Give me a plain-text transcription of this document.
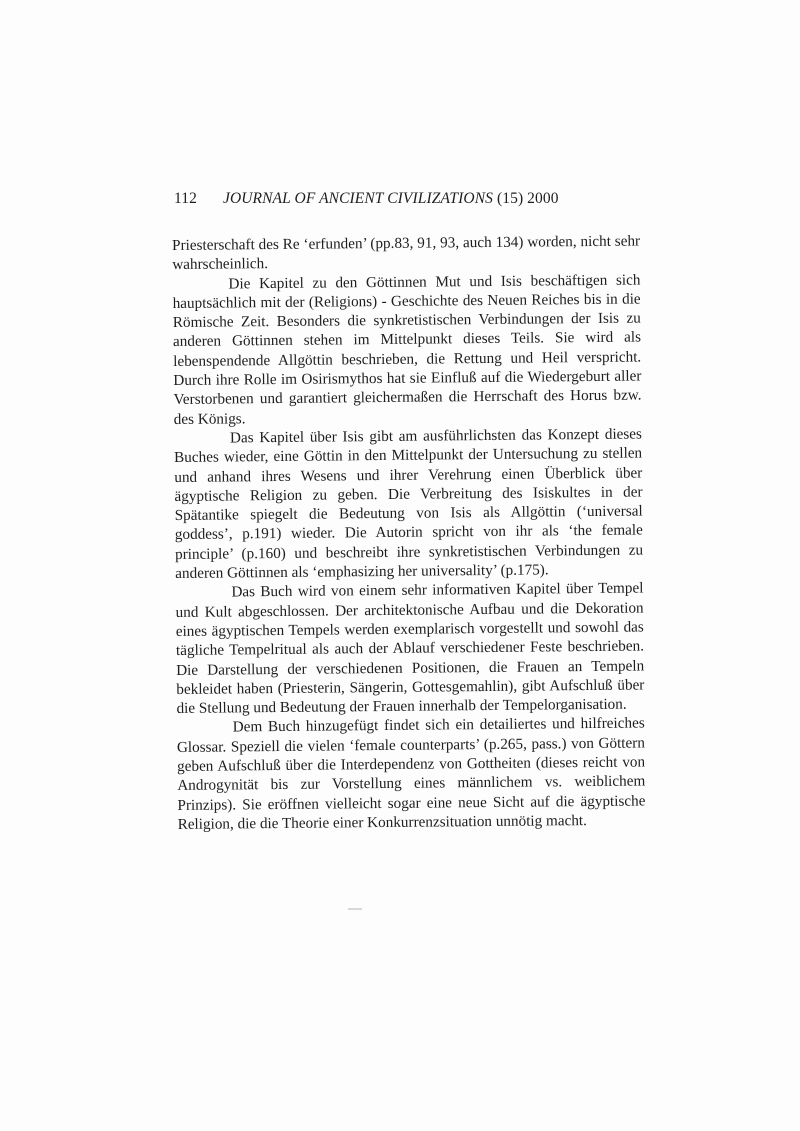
112 JOURNAL OF ANCIENT CIVILIZATIONS (15) 2000

Priesterschaft des Re ‘erfunden’ (pp.83, 91, 93, auch 134) worden, nicht sehr wahrscheinlich.

Die Kapitel zu den Göttinnen Mut und Isis beschäftigen sich hauptsächlich mit der (Religions) - Geschichte des Neuen Reiches bis in die Römische Zeit. Besonders die synkretistischen Verbindungen der Isis zu anderen Göttinnen stehen im Mittelpunkt dieses Teils. Sie wird als lebenspendende Allgöttin beschrieben, die Rettung und Heil verspricht. Durch ihre Rolle im Osirismythos hat sie Einfluß auf die Wiedergeburt aller Verstorbenen und garantiert gleichermaßen die Herrschaft des Horus bzw. des Königs.

Das Kapitel über Isis gibt am ausführlichsten das Konzept dieses Buches wieder, eine Göttin in den Mittelpunkt der Untersuchung zu stellen und anhand ihres Wesens und ihrer Verehrung einen Überblick über ägyptische Religion zu geben. Die Verbreitung des Isiskultes in der Spätantike spiegelt die Bedeutung von Isis als Allgöttin (‘universal goddess’, p.191) wieder. Die Autorin spricht von ihr als ‘the female principle’ (p.160) und beschreibt ihre synkretistischen Verbindungen zu anderen Göttinnen als ‘emphasizing her universality’ (p.175).

Das Buch wird von einem sehr informativen Kapitel über Tempel und Kult abgeschlossen. Der architektonische Aufbau und die Dekoration eines ägyptischen Tempels werden exemplarisch vorgestellt und sowohl das tägliche Tempelritual als auch der Ablauf verschiedener Feste beschrieben. Die Darstellung der verschiedenen Positionen, die Frauen an Tempeln bekleidet haben (Priesterin, Sängerin, Gottesgemahlin), gibt Aufschluß über die Stellung und Bedeutung der Frauen innerhalb der Tempelorganisation.

Dem Buch hinzugefügt findet sich ein detailiertes und hilfreiches Glossar. Speziell die vielen ‘female counterparts’ (p.265, pass.) von Göttern geben Aufschluß über die Interdependenz von Gottheiten (dieses reicht von Androgynität bis zur Vorstellung eines männlichem vs. weiblichem Prinzips). Sie eröffnen vielleicht sogar eine neue Sicht auf die ägyptische Religion, die die Theorie einer Konkurrenzsituation unnötig macht.
